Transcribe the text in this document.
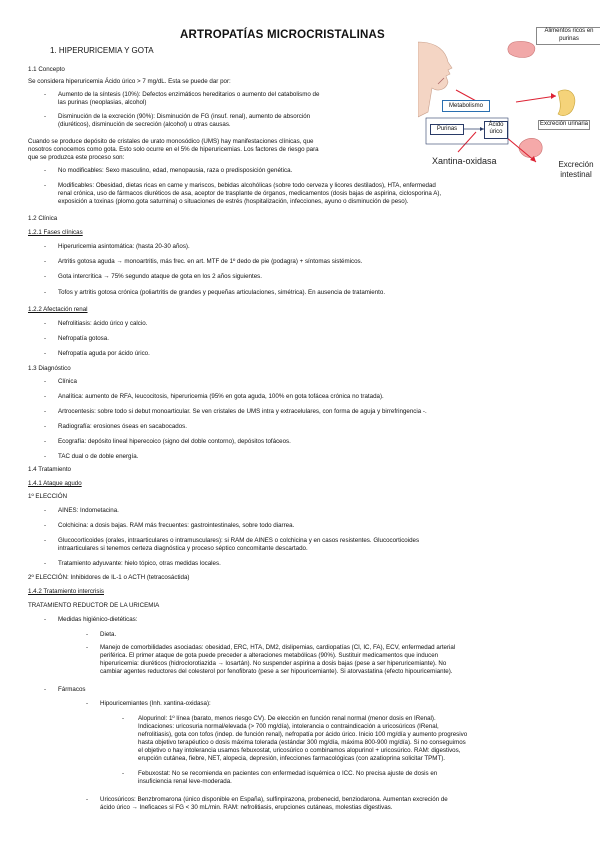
ARTROPATÍAS MICROCRISTALINAS
1. HIPERURICEMIA Y GOTA
1.1 Concepto
Se considera hiperuricemia Ácido úrico > 7 mg/dL. Esta se puede dar por:
Aumento de la síntesis (10%): Defectos enzimáticos hereditarios o aumento del catabolismo de
las purinas (neoplasias, alcohol)
Disminución de la excreción (90%): Disminución de FG (insuf. renal), aumento de absorción
(diuréticos), disminución de secreción (alcohol) u otras causas.
Cuando se produce depósito de cristales de urato monosódico (UMS) hay manifestaciones clínicas, que
nosotros conocemos como gota. Esto solo ocurre en el 5% de hiperuricemias. Los factores de riesgo para
que se produzca este proceso son:
No modificables: Sexo masculino, edad, menopausia, raza o predisposición genética.
Modificables: Obesidad, dietas ricas en carne y mariscos, bebidas alcohólicas (sobre todo cerveza y licores destilados), HTA, enfermedad
renal crónica, uso de fármacos diuréticos de asa, aceptor de trasplante de órganos, medicamentos (dosis bajas de aspirina, ciclosporina A),
exposición a toxinas (plomo.gota saturnina) o situaciones de estrés (hospitalización, infecciones, ayuno o disminución de peso).
1.2 Clínica
1.2.1 Fases clínicas
Hiperuricemia asintomática: (hasta 20-30 años).
Artritis gotosa aguda → monoartritis, más frec. en art. MTF de 1º dedo de pie (podagra) + síntomas sistémicos.
Gota intercrítica → 75% segundo ataque de gota en los 2 años siguientes.
Tofos y artritis gotosa crónica (poliartritis de grandes y pequeñas articulaciones, simétrica). En ausencia de tratamiento.
1.2.2 Afectación renal
Nefrolitiasis: ácido úrico y calcio.
Nefropatía gotosa.
Nefropatía aguda por ácido úrico.
1.3 Diagnóstico
Clínica
Analítica: aumento de RFA, leucocitosis, hiperuricemia (95% en gota aguda, 100% en gota tofácea crónica no tratada).
Artrocentesis: sobre todo si debut monoarticular. Se ven cristales de UMS intra y extracelulares, con forma de aguja y birrefringencia -.
Radiografía: erosiones óseas en sacabocados.
Ecografía: depósito lineal hiperecoico (signo del doble contorno), depósitos tofáceos.
TAC dual o de doble energía.
1.4 Tratamiento
1.4.1 Ataque agudo
1º ELECCIÓN
AINES: Indometacina.
Colchicina: a dosis bajas. RAM más frecuentes: gastrointestinales, sobre todo diarrea.
Glucocorticoides (orales, intraarticulares o intramusculares): si RAM de AINES o colchicina y en casos resistentes. Glucocorticoides
intraarticulares si tenemos certeza diagnóstica y proceso séptico concomitante descartado.
Tratamiento adyuvante: hielo tópico, otras medidas locales.
2º ELECCIÓN: Inhibidores de IL-1 o ACTH (tetracosáctida)
1.4.2 Tratamiento intercrisis
TRATAMIENTO REDUCTOR DE LA URICEMIA
Medidas higiénico-dietéticas:
Dieta.
Manejo de comorbilidades asociadas: obesidad, ERC, HTA, DM2, dislipemias, cardiopatías (CI, IC, FA), ECV, enfermedad arterial
periférica. El primer ataque de gota puede preceder a alteraciones metabólicas (90%). Sustituir medicamentos que inducen
hiperuricemia: diuréticos (hidroclorotiazida → losartán). No suspender aspirina a dosis bajas (pese a ser hiperuricemiante). No
cambiar agentes reductores del colesterol por fenofibrato (pese a ser hipouricemiante). Si atorvastatina (efecto hipouricemiante).
Fármacos
Hipouricemiantes (Inh. xantina-oxidasa):
Alopurinol: 1º línea (barato, menos riesgo CV). De elección en función renal normal (menor dosis en IRenal).
Indicaciones: uricosuria normal/elevada (> 700 mg/día), intolerancia o contraindicación a uricosúricos (IRenal,
nefrolitiasis), gota con tofos (indep. de función renal), nefropatía por ácido úrico. Inicio 100 mg/día y aumento progresivo
hasta objetivo terapéutico o dosis máxima tolerada (estándar 300 mg/día, máxima 800-900 mg/día). Si no conseguimos
el objetivo o hay intolerancia usamos febuxostat, uricosúrico o combinamos alopurinol + uricosúrico. RAM: digestivos,
erupción cutánea, fiebre, NET, alopecia, depresión, infecciones farmacológicas (con azatioprina solicitar TPMT).
Febuxostat: No se recomienda en pacientes con enfermedad isquémica o ICC. No precisa ajuste de dosis en
insuficiencia renal leve-moderada.
Uricosúricos: Benzbromarona (único disponible en España), sulfinpirazona, probenecid, benziodarona. Aumentan excreción de
ácido úrico → Ineficaces si FG < 30 mL/min. RAM: nefrolitiasis, erupciones cutáneas, molestias digestivas.
-
-
-
-
-
-
-
-
-
-
-
-
-
-
-
-
-
-
-
-
-
-
-
-
-
-
-
-
-
Alimentos ricos en purinas
Metabolismo
Purinas
Ácido úrico
Excreción urinaria
Xantina-oxidasa	Excreción intestinal
